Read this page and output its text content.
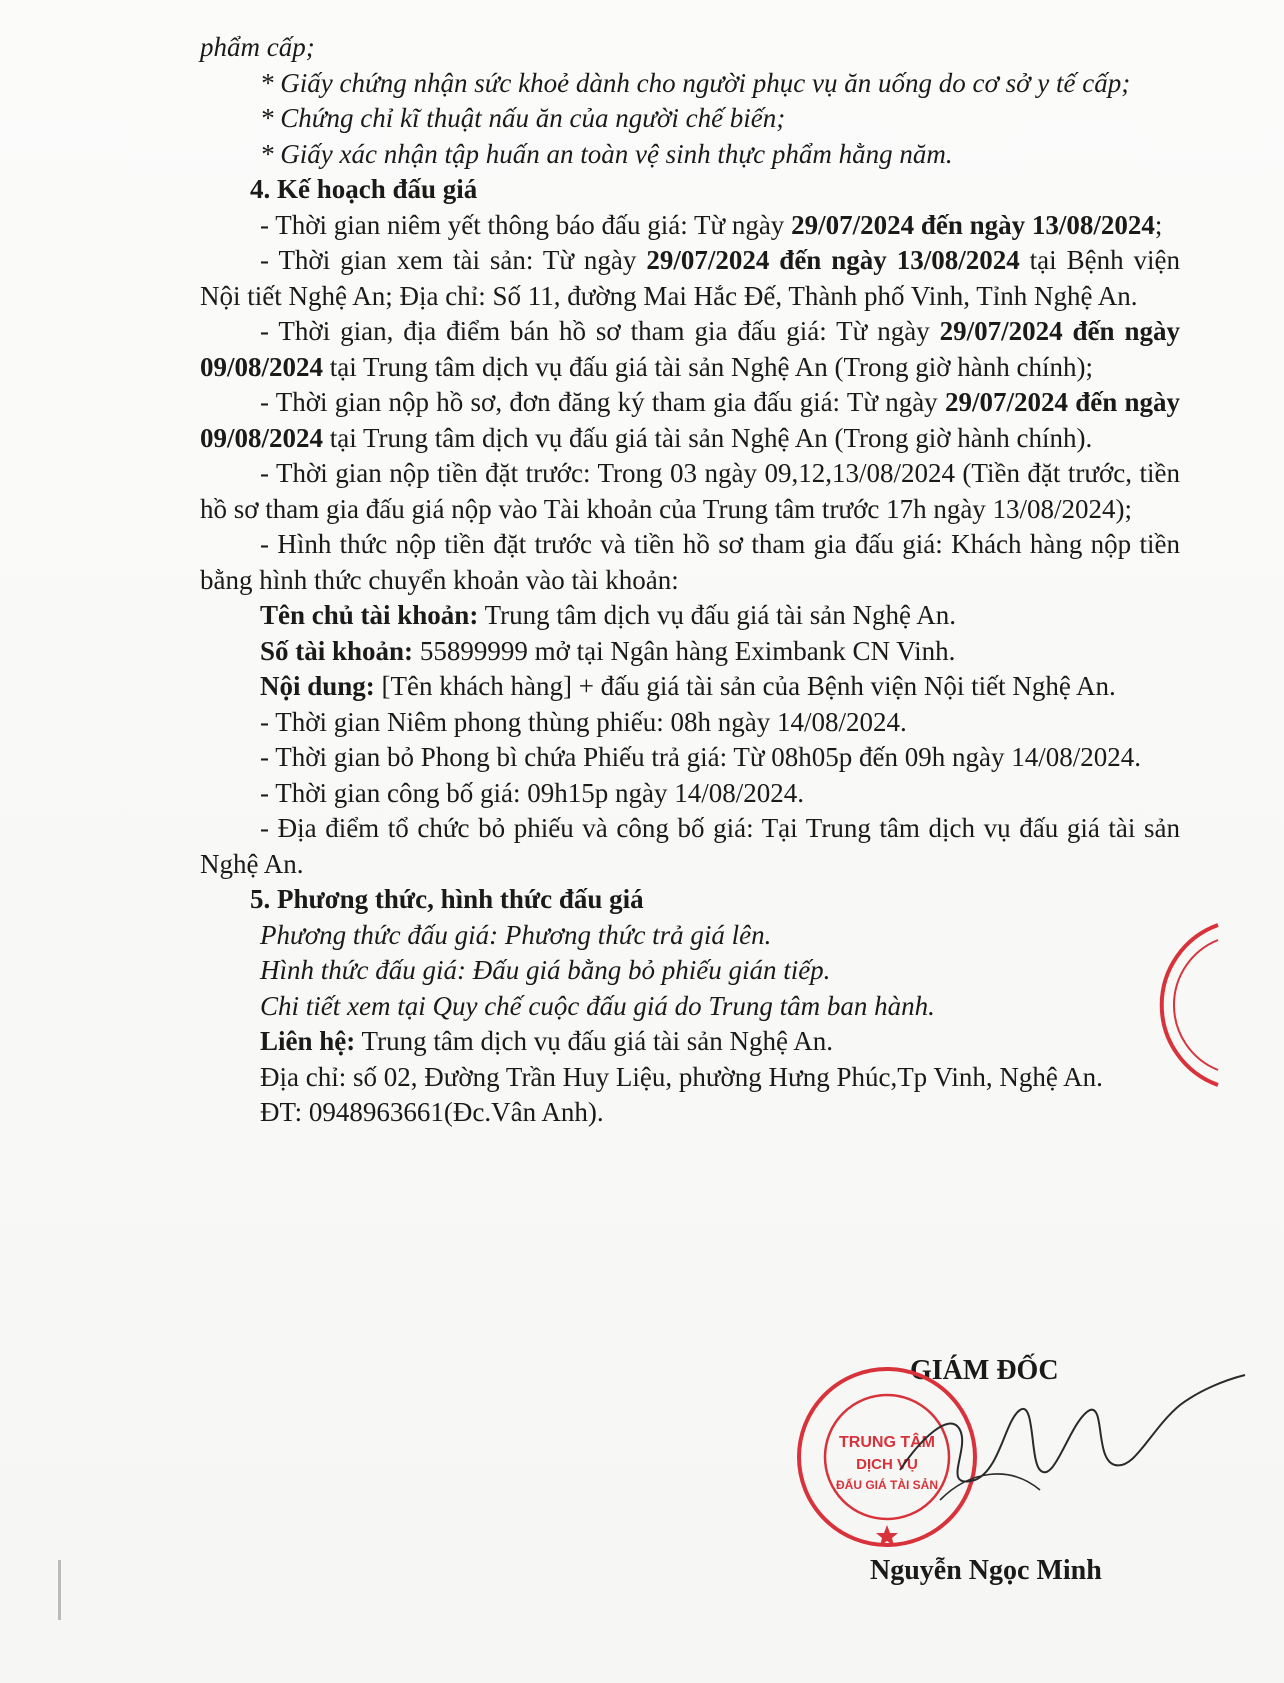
phẩm cấp;

* Giấy chứng nhận sức khoẻ dành cho người phục vụ ăn uống do cơ sở y tế cấp;

* Chứng chỉ kĩ thuật nấu ăn của người chế biến;

* Giấy xác nhận tập huấn an toàn vệ sinh thực phẩm hằng năm.

4. Kế hoạch đấu giá

- Thời gian niêm yết thông báo đấu giá: Từ ngày 29/07/2024 đến ngày 13/08/2024;

- Thời gian xem tài sản: Từ ngày 29/07/2024 đến ngày 13/08/2024 tại Bệnh viện Nội tiết Nghệ An; Địa chỉ: Số 11, đường Mai Hắc Đế, Thành phố Vinh, Tỉnh Nghệ An.

- Thời gian, địa điểm bán hồ sơ tham gia đấu giá: Từ ngày 29/07/2024 đến ngày 09/08/2024 tại Trung tâm dịch vụ đấu giá tài sản Nghệ An (Trong giờ hành chính);

- Thời gian nộp hồ sơ, đơn đăng ký tham gia đấu giá: Từ ngày 29/07/2024 đến ngày 09/08/2024 tại Trung tâm dịch vụ đấu giá tài sản Nghệ An (Trong giờ hành chính).

- Thời gian nộp tiền đặt trước: Trong 03 ngày 09,12,13/08/2024 (Tiền đặt trước, tiền hồ sơ tham gia đấu giá nộp vào Tài khoản của Trung tâm trước 17h ngày 13/08/2024);

- Hình thức nộp tiền đặt trước và tiền hồ sơ tham gia đấu giá: Khách hàng nộp tiền bằng hình thức chuyển khoản vào tài khoản:

Tên chủ tài khoản: Trung tâm dịch vụ đấu giá tài sản Nghệ An.

Số tài khoản: 55899999 mở tại Ngân hàng Eximbank CN Vinh.

Nội dung: [Tên khách hàng] + đấu giá tài sản của Bệnh viện Nội tiết Nghệ An.

- Thời gian Niêm phong thùng phiếu: 08h ngày 14/08/2024.

- Thời gian bỏ Phong bì chứa Phiếu trả giá: Từ 08h05p đến 09h ngày 14/08/2024.

- Thời gian công bố giá: 09h15p ngày 14/08/2024.

- Địa điểm tổ chức bỏ phiếu và công bố giá: Tại Trung tâm dịch vụ đấu giá tài sản Nghệ An.

5. Phương thức, hình thức đấu giá

Phương thức đấu giá: Phương thức trả giá lên.

Hình thức đấu giá: Đấu giá bằng bỏ phiếu gián tiếp.

Chi tiết xem tại Quy chế cuộc đấu giá do Trung tâm ban hành.

Liên hệ: Trung tâm dịch vụ đấu giá tài sản Nghệ An.

Địa chỉ: số 02, Đường Trần Huy Liệu, phường Hưng Phúc,Tp Vinh, Nghệ An.

ĐT: 0948963661(Đc.Vân Anh).

GIÁM ĐỐC
Nguyễn Ngọc Minh
TRUNG TÂM
DỊCH VỤ
ĐẤU GIÁ TÀI SẢN
